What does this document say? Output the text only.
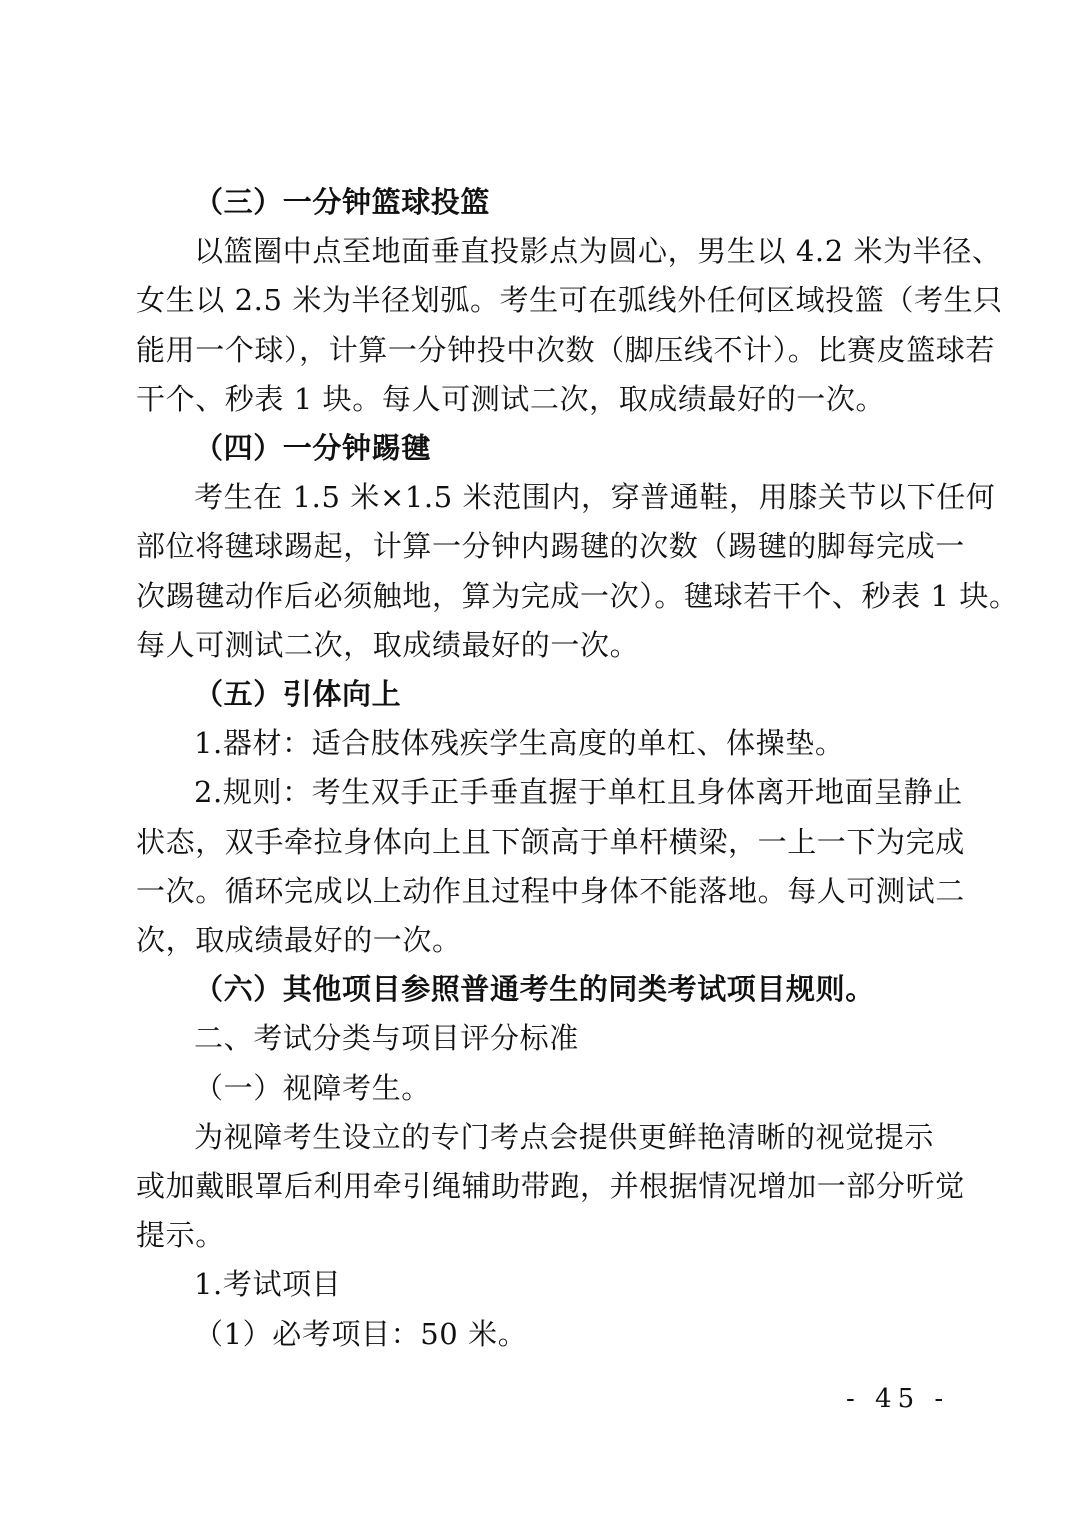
（三）一分钟篮球投篮

以篮圈中点至地面垂直投影点为圆心，男生以 4.2 米为半径、

女生以 2.5 米为半径划弧。考生可在弧线外任何区域投篮（考生只

能用一个球），计算一分钟投中次数（脚压线不计）。比赛皮篮球若

干个、秒表 1 块。每人可测试二次，取成绩最好的一次。

（四）一分钟踢毽

考生在 1.5 米×1.5 米范围内，穿普通鞋，用膝关节以下任何

部位将毽球踢起，计算一分钟内踢毽的次数（踢毽的脚每完成一

次踢毽动作后必须触地，算为完成一次）。毽球若干个、秒表 1 块。

每人可测试二次，取成绩最好的一次。

（五）引体向上

1.器材：适合肢体残疾学生高度的单杠、体操垫。

2.规则：考生双手正手垂直握于单杠且身体离开地面呈静止

状态，双手牵拉身体向上且下颌高于单杆横梁，一上一下为完成

一次。循环完成以上动作且过程中身体不能落地。每人可测试二

次，取成绩最好的一次。

（六）其他项目参照普通考生的同类考试项目规则。

二、考试分类与项目评分标准

（一）视障考生。

为视障考生设立的专门考点会提供更鲜艳清晰的视觉提示

或加戴眼罩后利用牵引绳辅助带跑，并根据情况增加一部分听觉

提示。

1.考试项目

（1）必考项目：50 米。

- 45 -
